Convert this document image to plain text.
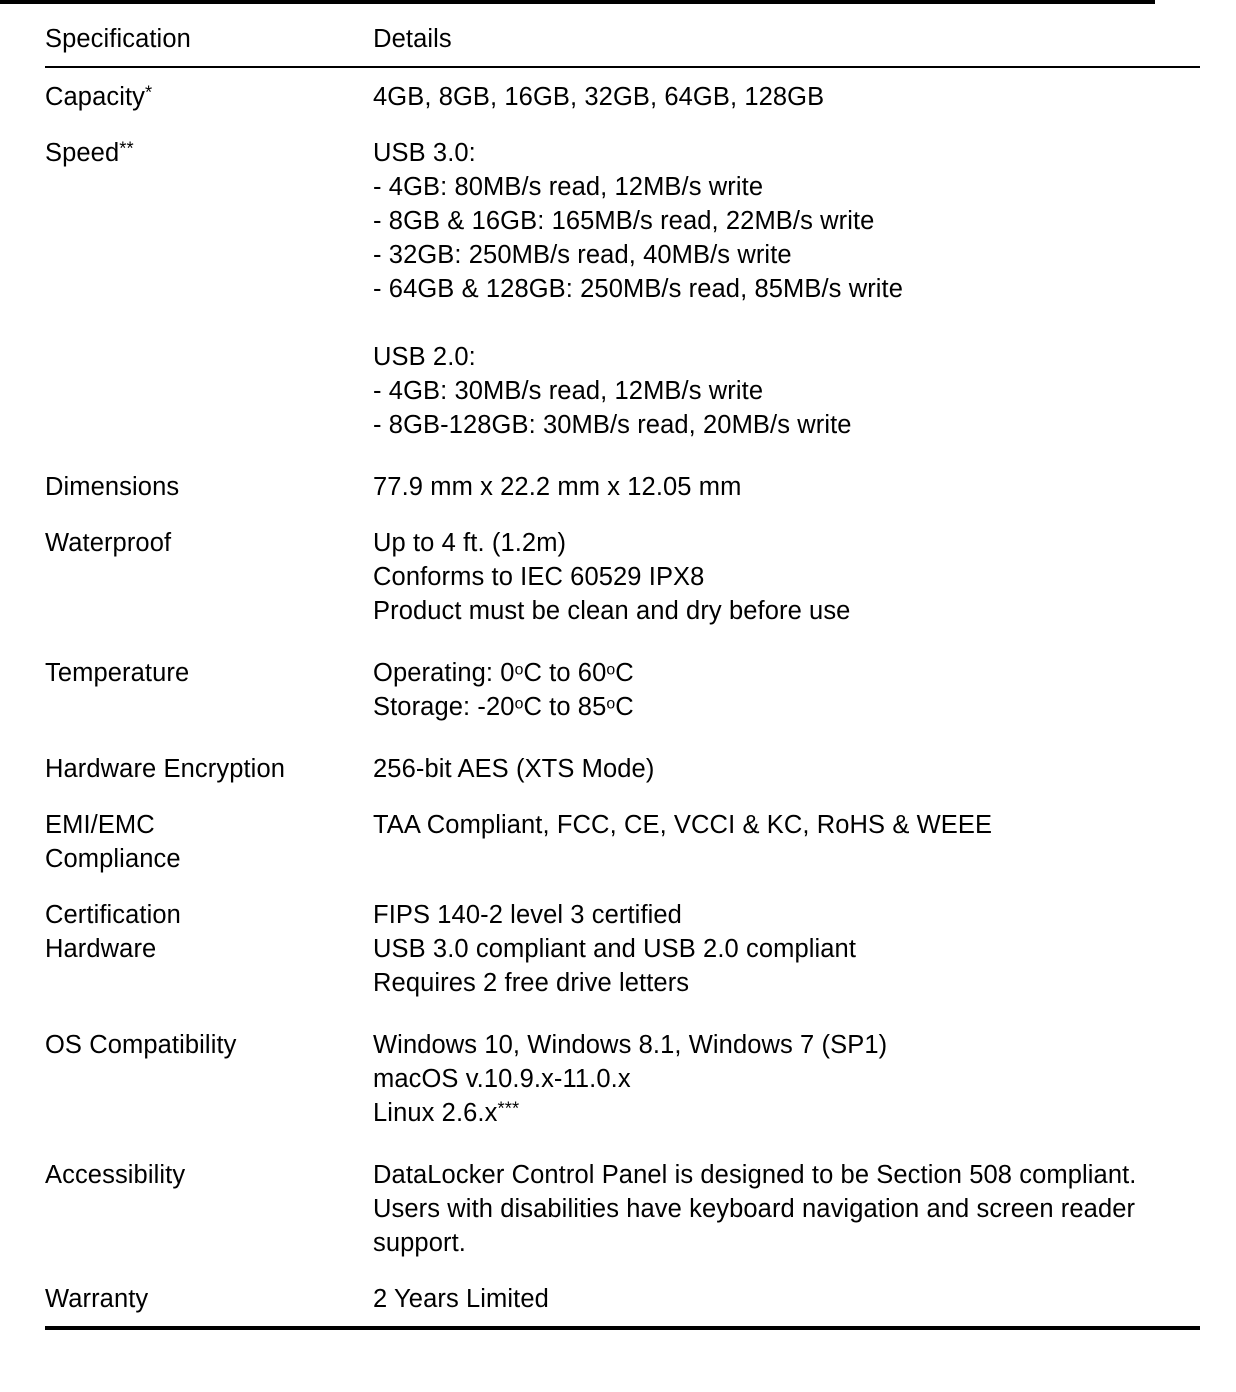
Specification	Details
Capacity*	4GB, 8GB, 16GB, 32GB, 64GB, 128GB

Speed**	USB 3.0:
- 4GB: 80MB/s read, 12MB/s write
- 8GB & 16GB: 165MB/s read, 22MB/s write
- 32GB: 250MB/s read, 40MB/s write
- 64GB & 128GB: 250MB/s read, 85MB/s write
USB 2.0:
- 4GB: 30MB/s read, 12MB/s write
- 8GB-128GB: 30MB/s read, 20MB/s write

Dimensions	77.9 mm x 22.2 mm x 12.05 mm

Waterproof	Up to 4 ft. (1.2m)
Conforms to IEC 60529 IPX8
Product must be clean and dry before use

Temperature	Operating: 0$^o$C to 60$^o$C
Storage: -20$^o$C to 85$^o$C

Hardware Encryption	256-bit AES (XTS Mode)

EMI/EMC
Compliance	TAA Compliant, FCC, CE, VCCI & KC, RoHS & WEEE

Certification
Hardware	FIPS 140-2 level 3 certified
USB 3.0 compliant and USB 2.0 compliant
Requires 2 free drive letters

OS Compatibility	Windows 10, Windows 8.1, Windows 7 (SP1)
macOS v.10.9.x-11.0.x
Linux 2.6.x***

Accessibility	DataLocker Control Panel is designed to be Section 508 compliant. Users with disabilities have keyboard navigation and screen reader support.

Warranty	2 Years Limited
